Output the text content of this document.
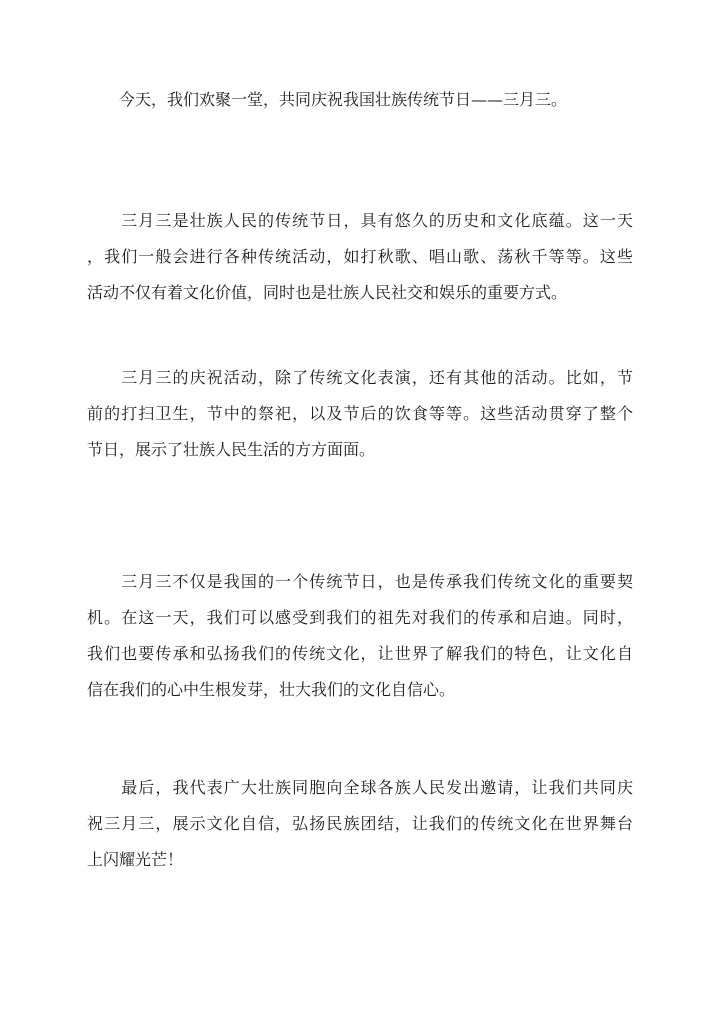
　　今天，我们欢聚一堂，共同庆祝我国壮族传统节日——三月三。

　　三月三是壮族人民的传统节日，具有悠久的历史和文化底蕴。这一天
，我们一般会进行各种传统活动，如打秋歌、唱山歌、荡秋千等等。这些
活动不仅有着文化价值，同时也是壮族人民社交和娱乐的重要方式。

　　三月三的庆祝活动，除了传统文化表演，还有其他的活动。比如，节
前的打扫卫生，节中的祭祀，以及节后的饮食等等。这些活动贯穿了整个
节日，展示了壮族人民生活的方方面面。

　　三月三不仅是我国的一个传统节日，也是传承我们传统文化的重要契
机。在这一天，我们可以感受到我们的祖先对我们的传承和启迪。同时，
我们也要传承和弘扬我们的传统文化，让世界了解我们的特色，让文化自
信在我们的心中生根发芽，壮大我们的文化自信心。

　　最后，我代表广大壮族同胞向全球各族人民发出邀请，让我们共同庆
祝三月三，展示文化自信，弘扬民族团结，让我们的传统文化在世界舞台
上闪耀光芒！
